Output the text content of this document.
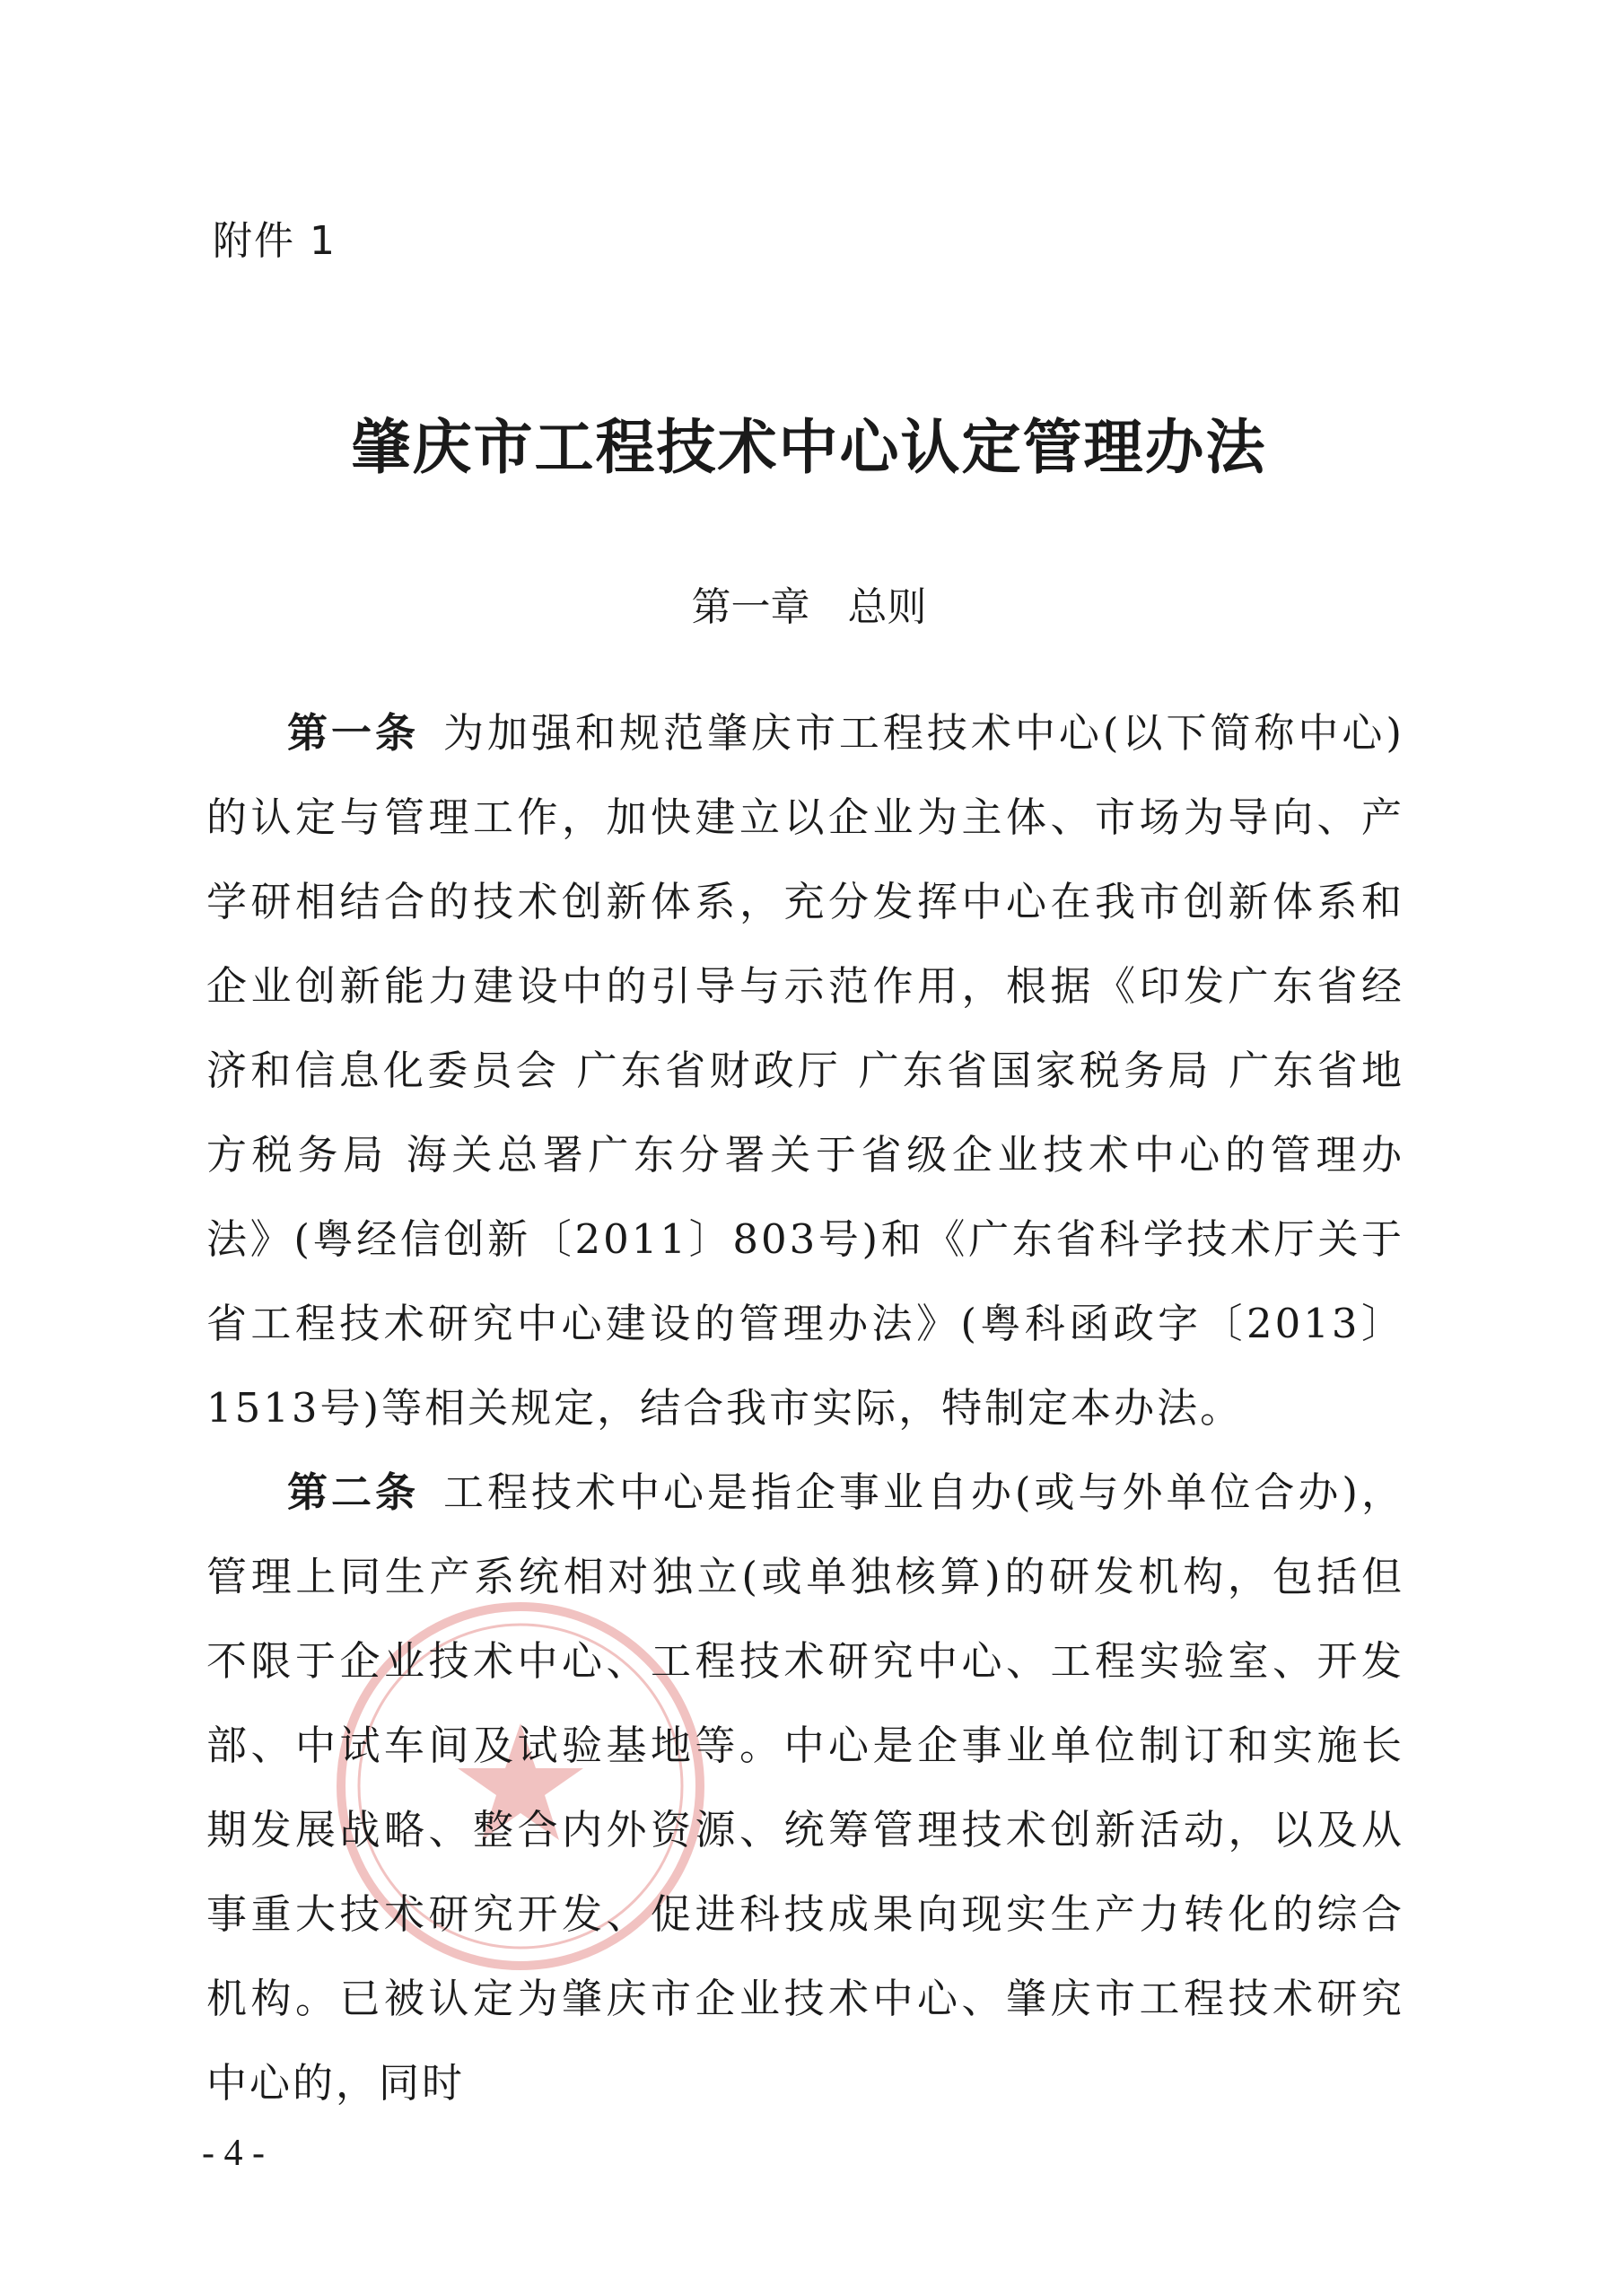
附件 1
肇庆市工程技术中心认定管理办法
第一章   总则

第一条 为加强和规范肇庆市工程技术中心(以下简称中心)的认定与管理工作，加快建立以企业为主体、市场为导向、产学研相结合的技术创新体系，充分发挥中心在我市创新体系和企业创新能力建设中的引导与示范作用，根据《印发广东省经济和信息化委员会 广东省财政厅 广东省国家税务局 广东省地方税务局 海关总署广东分署关于省级企业技术中心的管理办法》(粤经信创新〔2011〕803号)和《广东省科学技术厅关于省工程技术研究中心建设的管理办法》(粤科函政字〔2013〕1513号)等相关规定，结合我市实际，特制定本办法。

第二条 工程技术中心是指企事业自办(或与外单位合办)，管理上同生产系统相对独立(或单独核算)的研发机构，包括但不限于企业技术中心、工程技术研究中心、工程实验室、开发部、中试车间及试验基地等。中心是企事业单位制订和实施长期发展战略、整合内外资源、统筹管理技术创新活动，以及从事重大技术研究开发、促进科技成果向现实生产力转化的综合机构。已被认定为肇庆市企业技术中心、肇庆市工程技术研究中心的，同时

- 4 -
